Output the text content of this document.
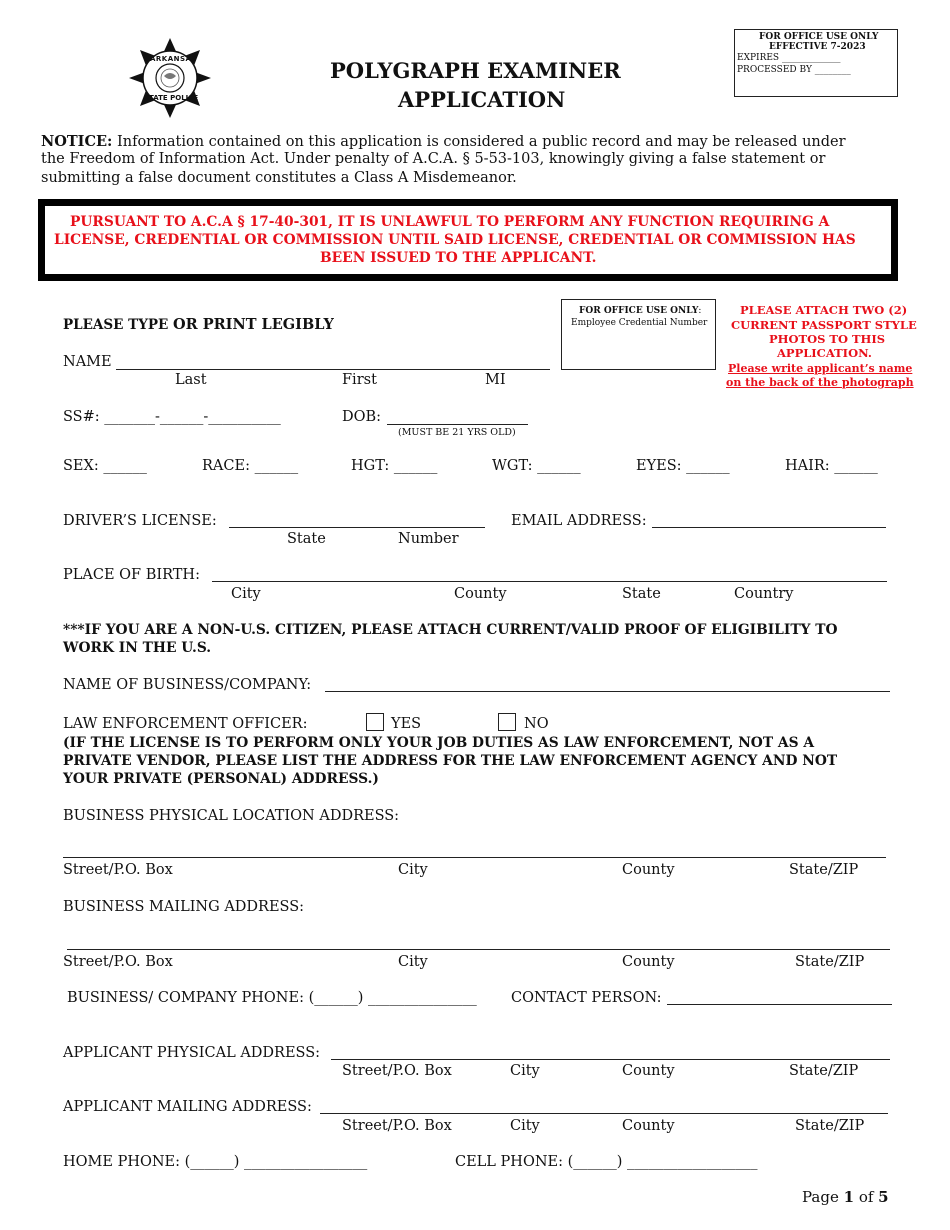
ARKANSAS
STATE POLICE
POLYGRAPH EXAMINER
APPLICATION
FOR OFFICE USE ONLY
EFFECTIVE 7-2023
EXPIRES _____________
PROCESSED BY ________
NOTICE: Information contained on this application is considered a public record and may be released under
the Freedom of Information Act. Under penalty of A.C.A. § 5-53-103, knowingly giving a false statement or
submitting a false document constitutes a Class A Misdemeanor.
PURSUANT TO A.C.A § 17-40-301, IT IS UNLAWFUL TO PERFORM ANY FUNCTION REQUIRING A
LICENSE, CREDENTIAL OR COMMISSION UNTIL SAID LICENSE, CREDENTIAL OR COMMISSION HAS
BEEN ISSUED TO THE APPLICANT.
FOR OFFICE USE ONLY:
Employee Credential Number
PLEASE ATTACH TWO (2)
CURRENT PASSPORT STYLE
PHOTOS TO THIS
APPLICATION.
Please write applicant’s name
on the back of the photograph
PLEASE TYPE OR PRINT LEGIBLY
NAME
Last	First	MI
SS#: _______-______-__________	DOB:
(MUST BE 21 YRS OLD)
SEX: ______	RACE: ______	HGT: ______	WGT: ______	EYES: ______	HAIR: ______
DRIVER’S LICENSE:
State	Number
EMAIL ADDRESS:
PLACE OF BIRTH:
City	County	State	Country
***IF YOU ARE A NON-U.S. CITIZEN, PLEASE ATTACH CURRENT/VALID PROOF OF ELIGIBILITY TO
WORK IN THE U.S.
NAME OF BUSINESS/COMPANY:
LAW ENFORCEMENT OFFICER:	YES	NO
(IF THE LICENSE IS TO PERFORM ONLY YOUR JOB DUTIES AS LAW ENFORCEMENT, NOT AS A
PRIVATE VENDOR, PLEASE LIST THE ADDRESS FOR THE LAW ENFORCEMENT AGENCY AND NOT
YOUR PRIVATE (PERSONAL) ADDRESS.)
BUSINESS PHYSICAL LOCATION ADDRESS:
Street/P.O. Box	City	County	State/ZIP
BUSINESS MAILING ADDRESS:
Street/P.O. Box	City	County	State/ZIP
BUSINESS/ COMPANY PHONE: (______) _______________ CONTACT PERSON:
APPLICANT PHYSICAL ADDRESS:
Street/P.O. Box	City	County	State/ZIP
APPLICANT MAILING ADDRESS:
Street/P.O. Box	City	County	State/ZIP
HOME PHONE: (______) _________________	CELL PHONE: (______) __________________
Page 1 of 5
